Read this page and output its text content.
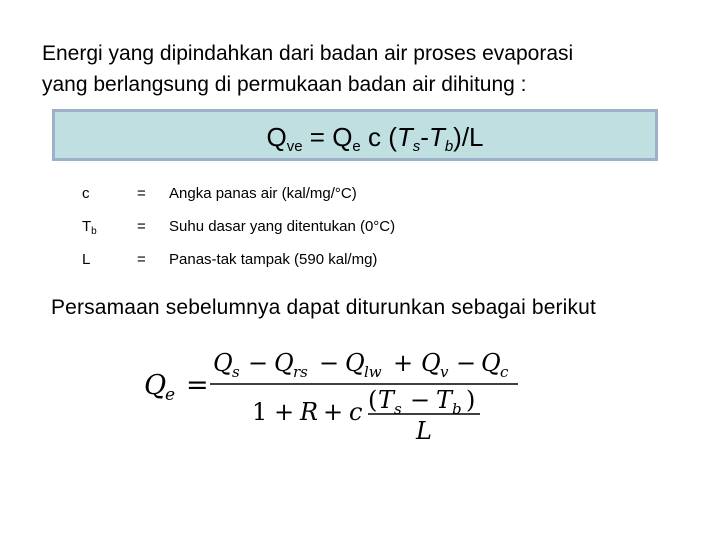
Energi yang dipindahkan dari badan air proses evaporasi
yang berlangsung di permukaan badan air dihitung :
$Q_{ve} = Q_e$ c $(T_s-T_b)/L$
c	=	Angka panas air (kal/mg/°C)
$T_b$	=	Suhu dasar yang ditentukan (0°C)
L	=	Panas-tak tampak (590 kal/mg)
Persamaan sebelumnya dapat diturunkan sebagai berikut
Q
e =
Q s − Q rs − Q lw + Q v − Q c
1 + R + c ( T s − T b )
L
